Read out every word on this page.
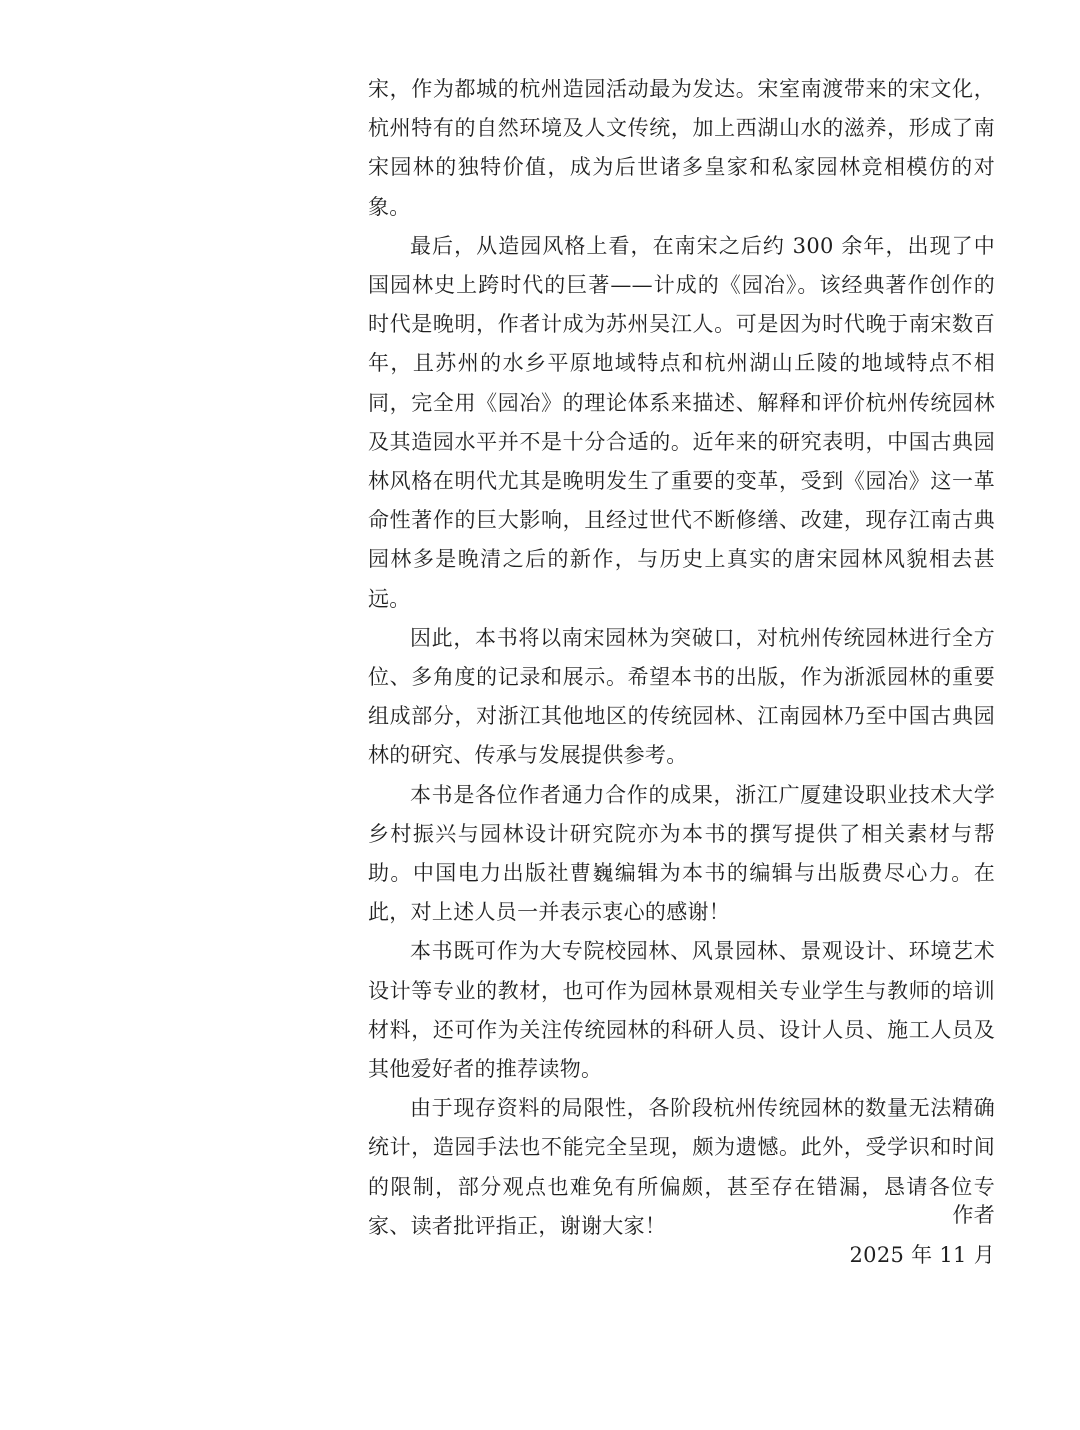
宋，作为都城的杭州造园活动最为发达。宋室南渡带来的宋文化，杭州特有的自然环境及人文传统，加上西湖山水的滋养，形成了南宋园林的独特价值，成为后世诸多皇家和私家园林竞相模仿的对象。

最后，从造园风格上看，在南宋之后约 300 余年，出现了中国园林史上跨时代的巨著——计成的《园冶》。该经典著作创作的时代是晚明，作者计成为苏州吴江人。可是因为时代晚于南宋数百年，且苏州的水乡平原地域特点和杭州湖山丘陵的地域特点不相同，完全用《园冶》的理论体系来描述、解释和评价杭州传统园林及其造园水平并不是十分合适的。近年来的研究表明，中国古典园林风格在明代尤其是晚明发生了重要的变革，受到《园冶》这一革命性著作的巨大影响，且经过世代不断修缮、改建，现存江南古典园林多是晚清之后的新作，与历史上真实的唐宋园林风貌相去甚远。

因此，本书将以南宋园林为突破口，对杭州传统园林进行全方位、多角度的记录和展示。希望本书的出版，作为浙派园林的重要组成部分，对浙江其他地区的传统园林、江南园林乃至中国古典园林的研究、传承与发展提供参考。

本书是各位作者通力合作的成果，浙江广厦建设职业技术大学乡村振兴与园林设计研究院亦为本书的撰写提供了相关素材与帮助。中国电力出版社曹巍编辑为本书的编辑与出版费尽心力。在此，对上述人员一并表示衷心的感谢！

本书既可作为大专院校园林、风景园林、景观设计、环境艺术设计等专业的教材，也可作为园林景观相关专业学生与教师的培训材料，还可作为关注传统园林的科研人员、设计人员、施工人员及其他爱好者的推荐读物。

由于现存资料的局限性，各阶段杭州传统园林的数量无法精确统计，造园手法也不能完全呈现，颇为遗憾。此外，受学识和时间的限制，部分观点也难免有所偏颇，甚至存在错漏，恳请各位专家、读者批评指正，谢谢大家！	作者
2025 年 11 月
